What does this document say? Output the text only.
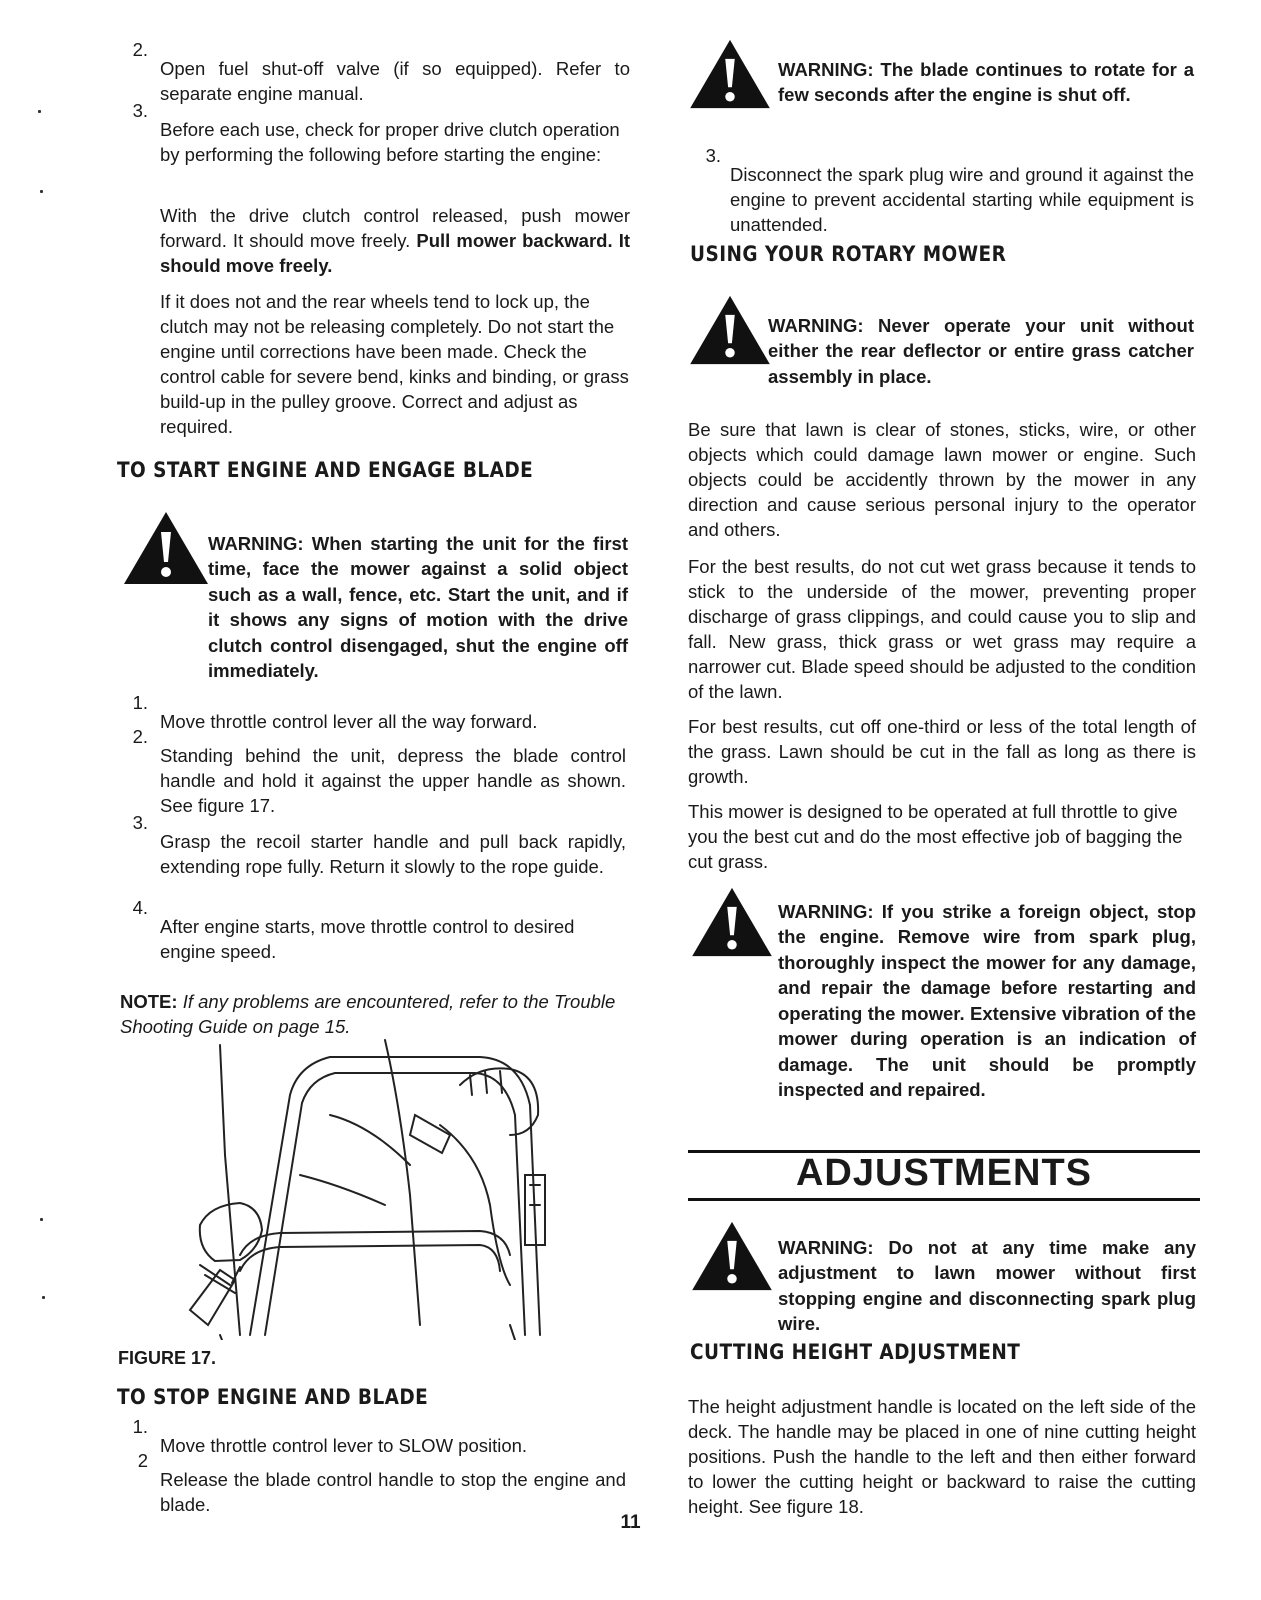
2.

Open fuel shut-off valve (if so equipped). Refer to separate engine manual.

3.

Before each use, check for proper drive clutch operation by performing the following before starting the engine:

With the drive clutch control released, push mower forward. It should move freely. Pull mower backward. It should move freely.

If it does not and the rear wheels tend to lock up, the clutch may not be releasing completely. Do not start the engine until corrections have been made. Check the control cable for severe bend, kinks and binding, or grass build-up in the pulley groove. Correct and adjust as required.

TO START ENGINE AND ENGAGE BLADE

WARNING: When starting the unit for the first time, face the mower against a solid object such as a wall, fence, etc. Start the unit, and if it shows any signs of motion with the drive clutch control disengaged, shut the engine off immediately.

1.

Move throttle control lever all the way forward.

2.

Standing behind the unit, depress the blade control handle and hold it against the upper handle as shown. See figure 17.

Grasp the recoil starter handle and pull back rapidly, extending rope fully. Return it slowly to the rope guide.

3.
4.

After engine starts, move throttle control to desired engine speed.

NOTE: If any problems are encountered, refer to the Trouble Shooting Guide on page 15.

FIGURE 17.
TO STOP ENGINE AND BLADE
1.

Move throttle control lever to SLOW position.

2

Release the blade control handle to stop the engine and blade.

WARNING: The blade continues to rotate for a few seconds after the engine is shut off.

3.

Disconnect the spark plug wire and ground it against the engine to prevent accidental starting while equipment is unattended.

USING YOUR ROTARY MOWER

WARNING: Never operate your unit without either the rear deflector or entire grass catcher assembly in place.

Be sure that lawn is clear of stones, sticks, wire, or other objects which could damage lawn mower or engine. Such objects could be accidently thrown by the mower in any direction and cause serious personal injury to the operator and others.

For the best results, do not cut wet grass because it tends to stick to the underside of the mower, preventing proper discharge of grass clippings, and could cause you to slip and fall. New grass, thick grass or wet grass may require a narrower cut. Blade speed should be adjusted to the condition of the lawn.

For best results, cut off one-third or less of the total length of the grass. Lawn should be cut in the fall as long as there is growth.

This mower is designed to be operated at full throttle to give you the best cut and do the most effective job of bagging the cut grass.

WARNING: If you strike a foreign object, stop the engine. Remove wire from spark plug, thoroughly inspect the mower for any damage, and repair the damage before restarting and operating the mower. Extensive vibration of the mower during operation is an indication of damage. The unit should be promptly inspected and repaired.

ADJUSTMENTS

WARNING: Do not at any time make any adjustment to lawn mower without first stopping engine and disconnecting spark plug wire.

CUTTING HEIGHT ADJUSTMENT

The height adjustment handle is located on the left side of the deck. The handle may be placed in one of nine cutting height positions. Push the handle to the left and then either forward to lower the cutting height or backward to raise the cutting height. See figure 18.

11
